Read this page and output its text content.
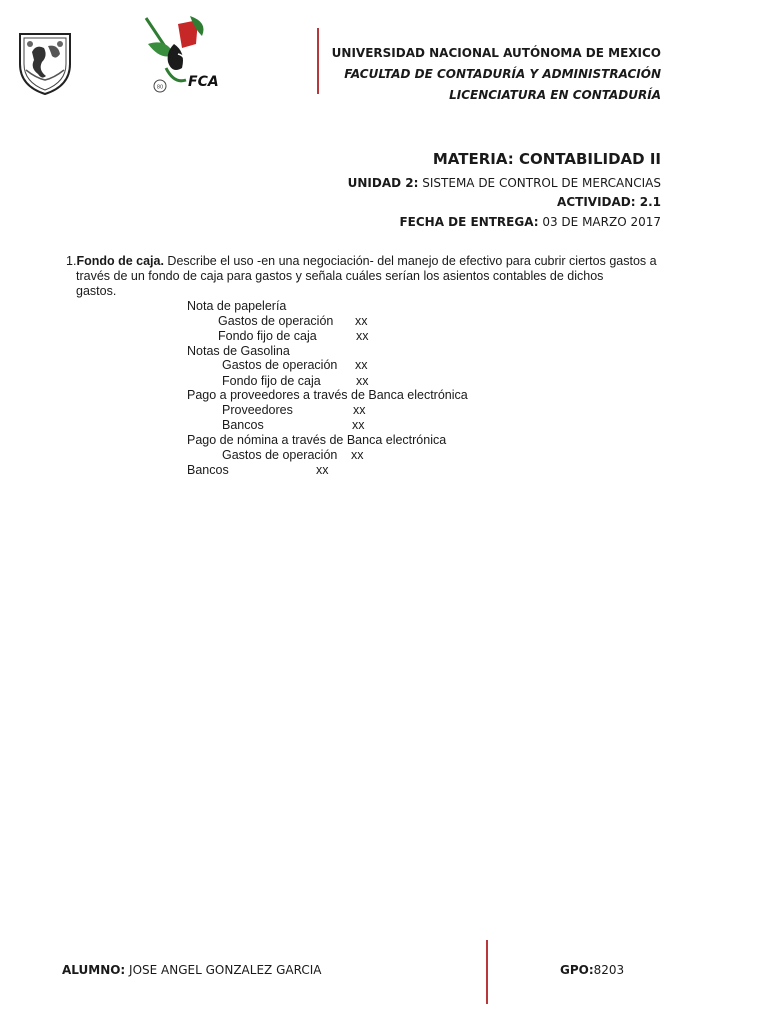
80 FCA
UNIVERSIDAD NACIONAL AUTÓNOMA DE MEXICO
FACULTAD DE CONTADURÍA Y ADMINISTRACIÓN
LICENCIATURA EN CONTADURÍA
MATERIA: CONTABILIDAD II
UNIDAD 2: SISTEMA DE CONTROL DE MERCANCIAS
ACTIVIDAD: 2.1
FECHA DE ENTREGA: 03 DE MARZO 2017
1.Fondo de caja. Describe el uso -en una negociación- del manejo de efectivo para cubrir ciertos gastos a
través de un fondo de caja para gastos y señala cuáles serían los asientos contables de dichos
gastos.
Nota de papelería
Gastos de operación xx
Fondo fijo de caja	xx
Notas de Gasolina
Gastos de operación xx
Fondo fijo de caja	xx
Pago a proveedores a través de Banca electrónica
Proveedores	xx
Bancos	xx
Pago de nómina a través de Banca electrónica
Gastos de operación xx
Bancos	xx
ALUMNO: JOSE ANGEL GONZALEZ GARCIA	GPO:8203
